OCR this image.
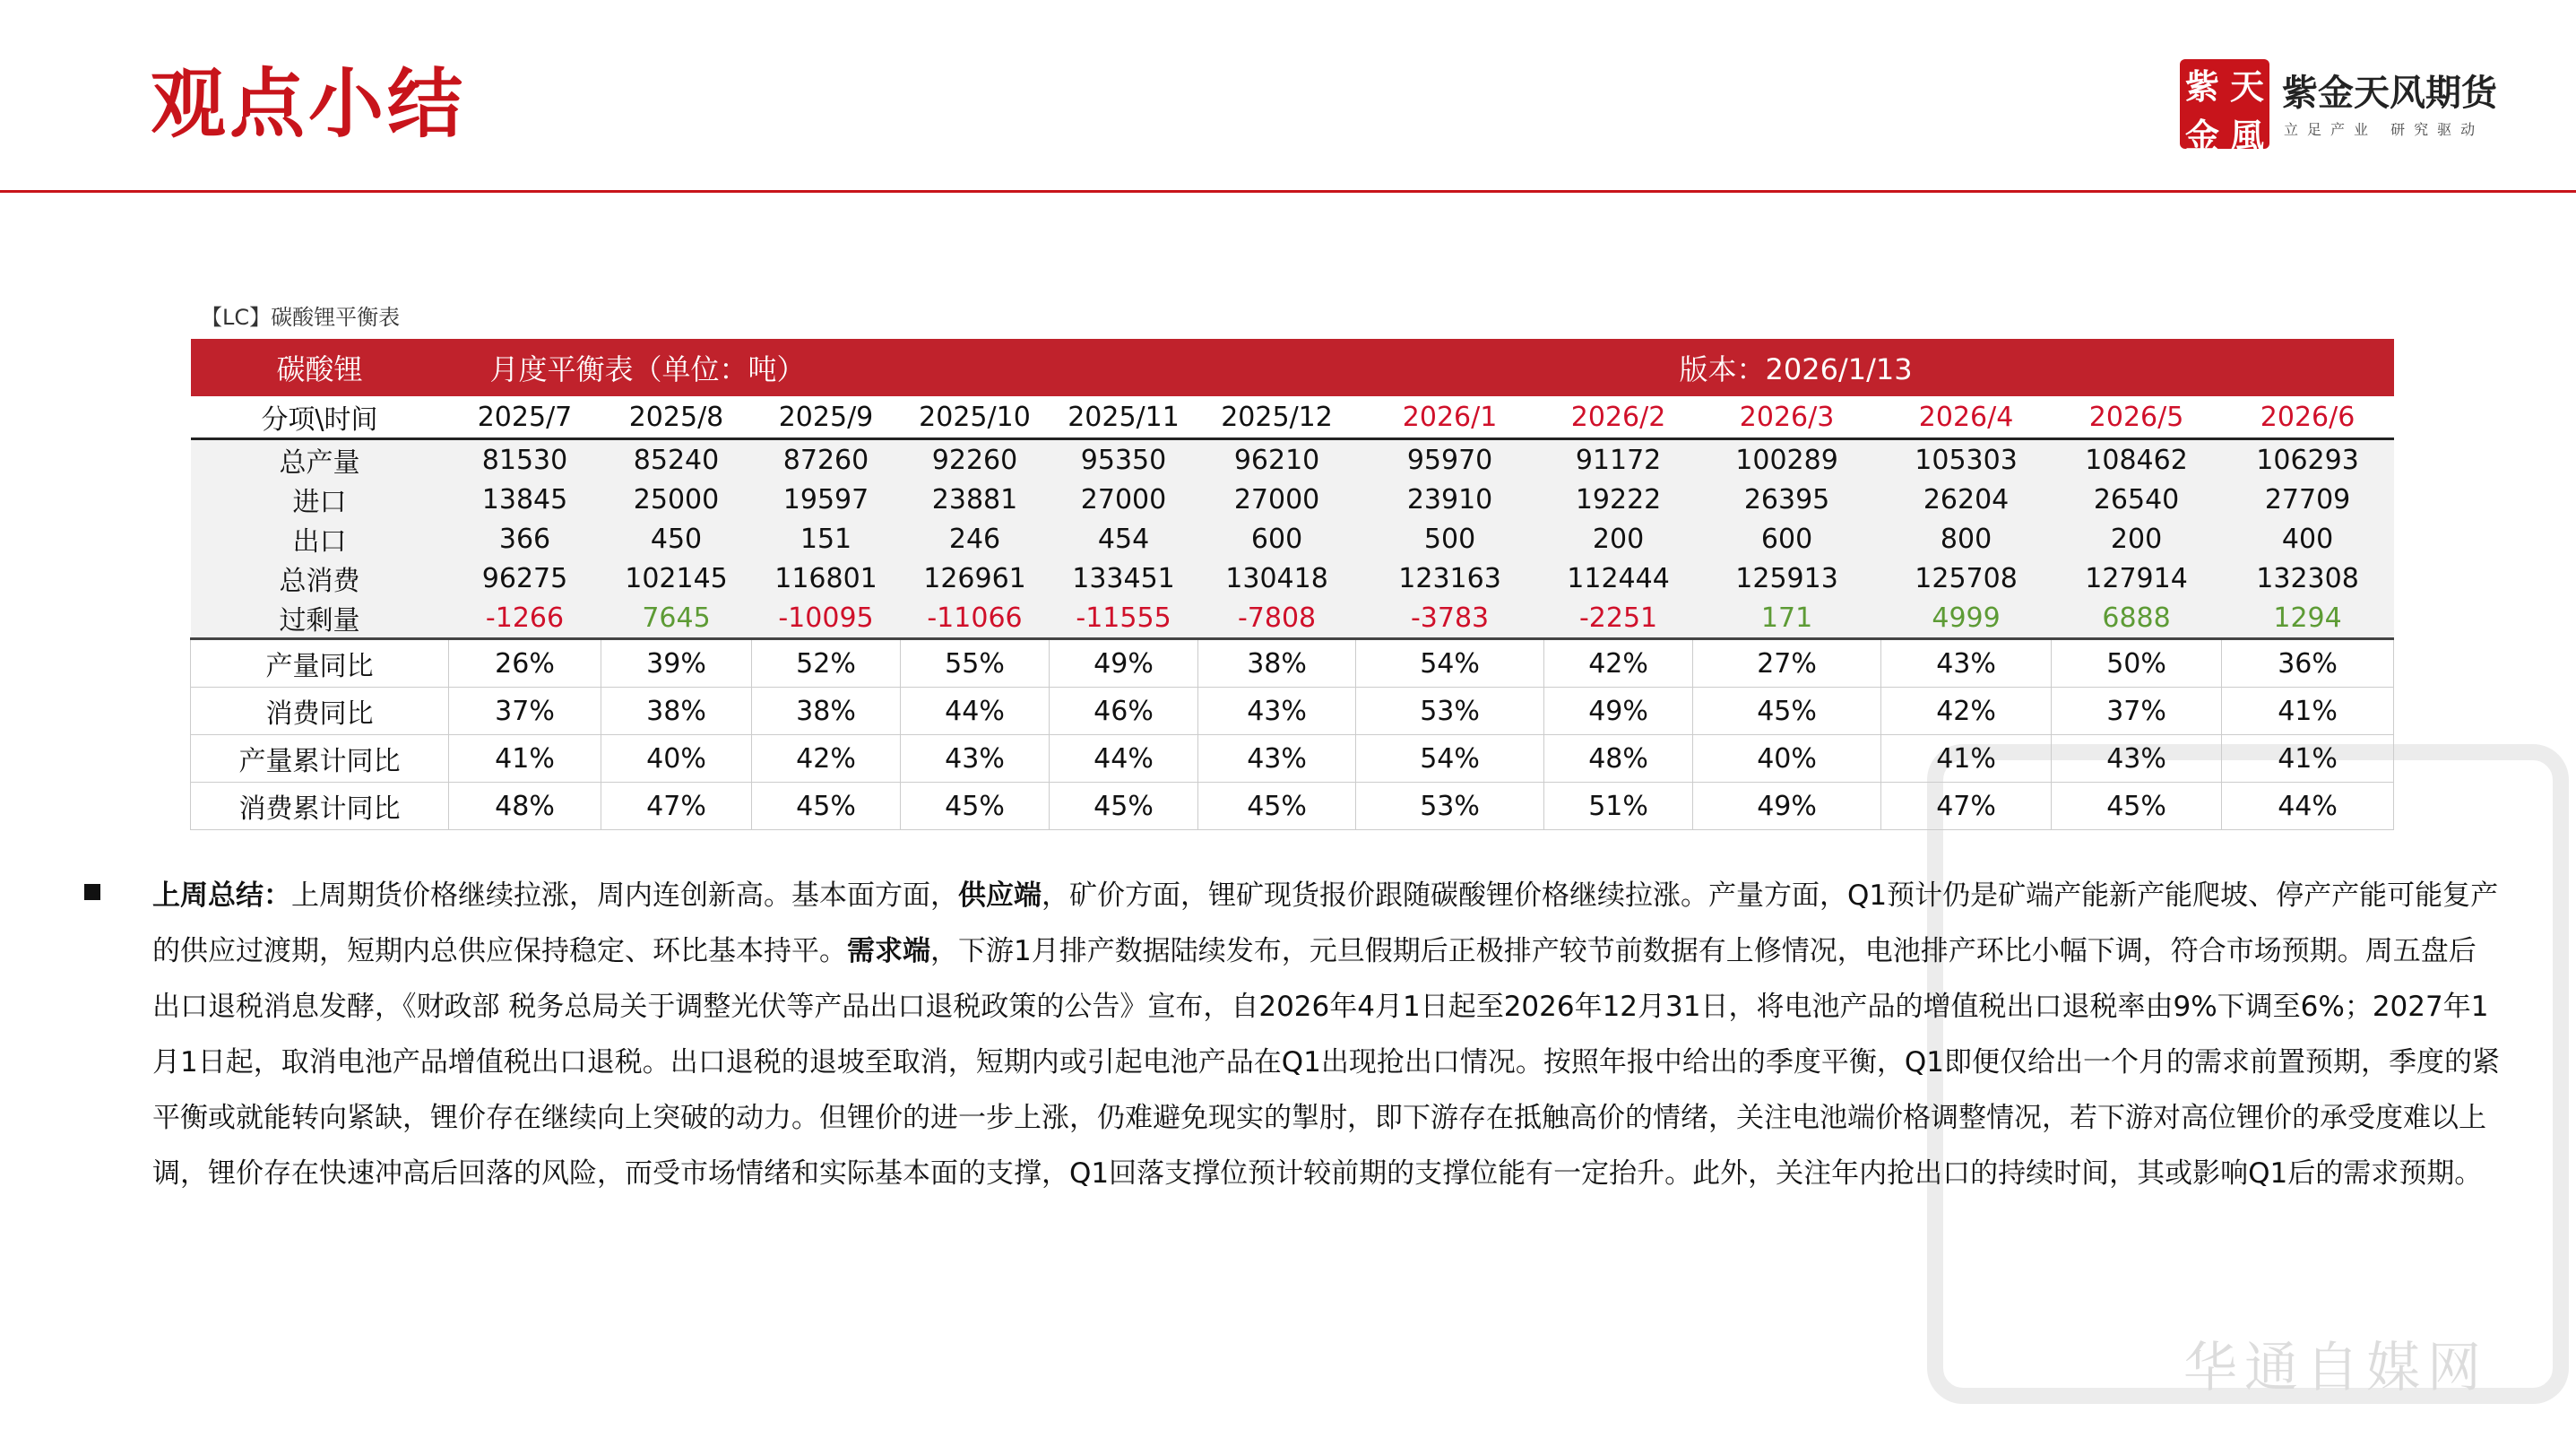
观点小结	紫 天
金 風
紫金天风期货
立足产业 研究驱动
华通自媒网
【LC】碳酸锂平衡表
碳酸锂	月度平衡表（单位：吨）					版本：2026/1/13						
分项\时间	2025/7	2025/8	2025/9	2025/10	2025/11	2025/12	2026/1	2026/2	2026/3	2026/4	2026/5	2026/6
总产量	81530	85240	87260	92260	95350	96210	95970	91172	100289	105303	108462	106293
进口	13845	25000	19597	23881	27000	27000	23910	19222	26395	26204	26540	27709
出口	366	450	151	246	454	600	500	200	600	800	200	400
总消费	96275	102145	116801	126961	133451	130418	123163	112444	125913	125708	127914	132308
过剩量	-1266	7645	-10095	-11066	-11555	-7808	-3783	-2251	171	4999	6888	1294
产量同比	26%	39%	52%	55%	49%	38%	54%	42%	27%	43%	50%	36%
消费同比	37%	38%	38%	44%	46%	43%	53%	49%	45%	42%	37%	41%
产量累计同比	41%	40%	42%	43%	44%	43%	54%	48%	40%	41%	43%	41%
消费累计同比	48%	47%	45%	45%	45%	45%	53%	51%	49%	47%	45%	44%
上周总结：上周期货价格继续拉涨，周内连创新高。基本面方面，供应端，矿价方面，锂矿现货报价跟随碳酸锂价格继续拉涨。产量方面，Q1预计仍是矿端产能新产能爬坡、停产产能可能复产的供应过渡期，短期内总供应保持稳定、环比基本持平。需求端，下游1月排产数据陆续发布，元旦假期后正极排产较节前数据有上修情况，电池排产环比小幅下调，符合市场预期。周五盘后出口退税消息发酵，《财政部 税务总局关于调整光伏等产品出口退税政策的公告》宣布，自2026年4月1日起至2026年12月31日，将电池产品的增值税出口退税率由9%下调至6%；2027年1月1日起，取消电池产品增值税出口退税。出口退税的退坡至取消，短期内或引起电池产品在Q1出现抢出口情况。按照年报中给出的季度平衡，Q1即便仅给出一个月的需求前置预期，季度的紧平衡或就能转向紧缺，锂价存在继续向上突破的动力。但锂价的进一步上涨，仍难避免现实的掣肘，即下游存在抵触高价的情绪，关注电池端价格调整情况，若下游对高位锂价的承受度难以上调，锂价存在快速冲高后回落的风险，而受市场情绪和实际基本面的支撑，Q1回落支撑位预计较前期的支撑位能有一定抬升。此外，关注年内抢出口的持续时间，其或影响Q1后的需求预期。
